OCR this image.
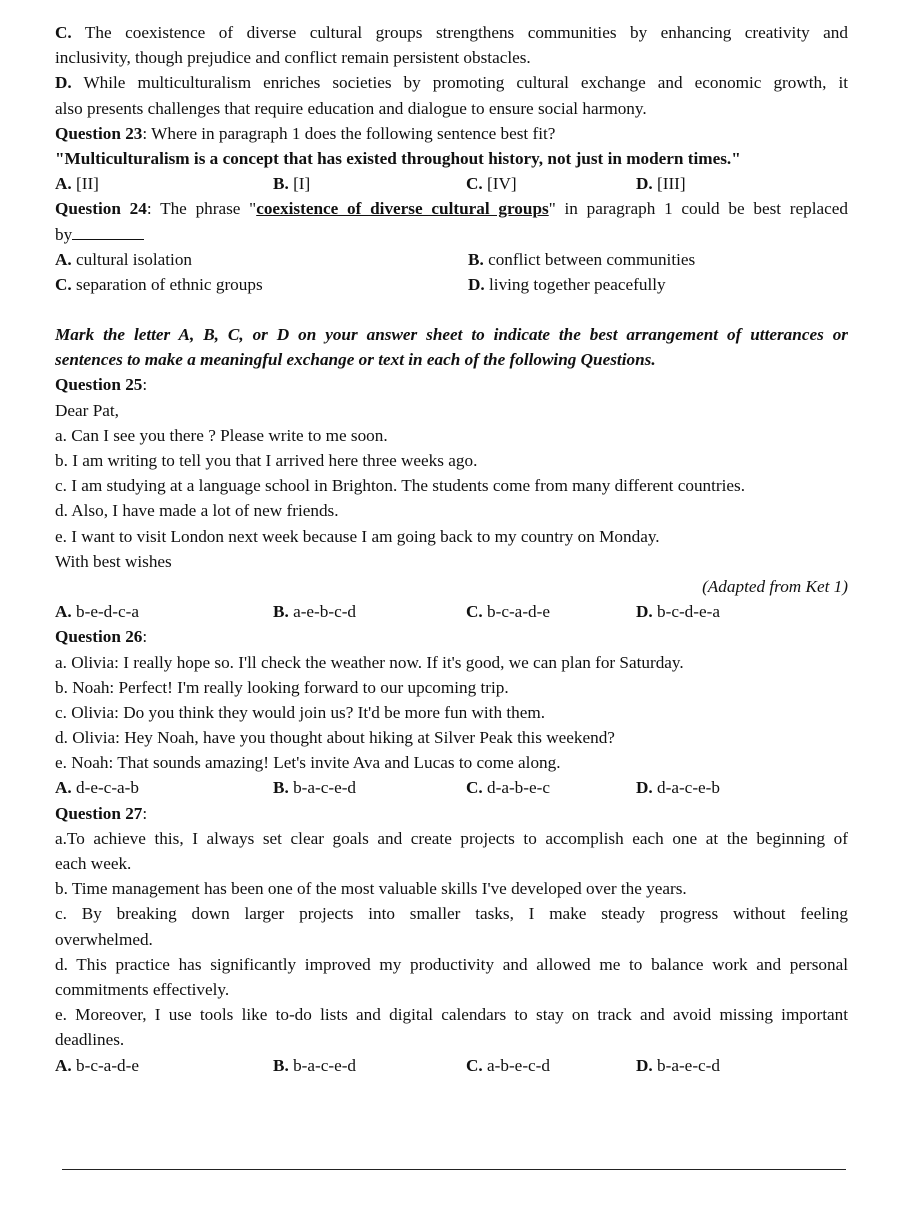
C. The coexistence of diverse cultural groups strengthens communities by enhancing creativity and
inclusivity, though prejudice and conflict remain persistent obstacles.
D. While multiculturalism enriches societies by promoting cultural exchange and economic growth, it
also presents challenges that require education and dialogue to ensure social harmony.
Question 23: Where in paragraph 1 does the following sentence best fit?
"Multiculturalism is a concept that has existed throughout history, not just in modern times."
A. [II]	B. [I]	C. [IV]	D. [III]
Question 24: The phrase "coexistence of diverse cultural groups" in paragraph 1 could be best replaced
by
A. cultural isolation	B. conflict between communities
C. separation of ethnic groups	D. living together peacefully
Mark the letter A, B, C, or D on your answer sheet to indicate the best arrangement of utterances or
sentences to make a meaningful exchange or text in each of the following Questions.
Question 25:
Dear Pat,
a. Can I see you there ? Please write to me soon.
b. I am writing to tell you that I arrived here three weeks ago.
c. I am studying at a language school in Brighton. The students come from many different countries.
d. Also, I have made a lot of new friends.
e. I want to visit London next week because I am going back to my country on Monday.
With best wishes
(Adapted from Ket 1)
A. b-e-d-c-a	B. a-e-b-c-d	C. b-c-a-d-e	D. b-c-d-e-a
Question 26:
a. Olivia: I really hope so. I'll check the weather now. If it's good, we can plan for Saturday.
b. Noah: Perfect! I'm really looking forward to our upcoming trip.
c. Olivia: Do you think they would join us? It'd be more fun with them.
d. Olivia: Hey Noah, have you thought about hiking at Silver Peak this weekend?
e. Noah: That sounds amazing! Let's invite Ava and Lucas to come along.
A. d-e-c-a-b	B. b-a-c-e-d	C. d-a-b-e-c	D. d-a-c-e-b
Question 27:
a.To achieve this, I always set clear goals and create projects to accomplish each one at the beginning of
each week.
b. Time management has been one of the most valuable skills I've developed over the years.
c. By breaking down larger projects into smaller tasks, I make steady progress without feeling
overwhelmed.
d. This practice has significantly improved my productivity and allowed me to balance work and personal
commitments effectively.
e. Moreover, I use tools like to-do lists and digital calendars to stay on track and avoid missing important
deadlines.
A. b-c-a-d-e	B. b-a-c-e-d	C. a-b-e-c-d	D. b-a-e-c-d
